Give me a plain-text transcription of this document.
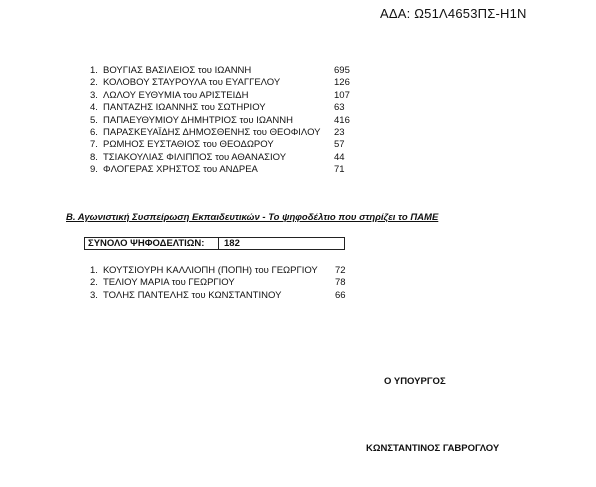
ΑΔΑ: Ω51Λ4653ΠΣ-Η1Ν
1. ΒΟΥΓΙΑΣ ΒΑΣΙΛΕΙΟΣ του ΙΩΑΝΝΗ	695
2. ΚΟΛΟΒΟΥ ΣΤΑΥΡΟΥΛΑ του ΕΥΑΓΓΕΛΟΥ	126
3. ΛΩΛΟΥ ΕΥΘΥΜΙΑ του ΑΡΙΣΤΕΙΔΗ	107
4. ΠΑΝΤΑΖΗΣ ΙΩΑΝΝΗΣ του ΣΩΤΗΡΙΟΥ	63
5. ΠΑΠΑΕΥΘΥΜΙΟΥ ΔΗΜΗΤΡΙΟΣ του ΙΩΑΝΝΗ	416
6. ΠΑΡΑΣΚΕΥΑΪΔΗΣ ΔΗΜΟΣΘΕΝΗΣ του ΘΕΟΦΙΛΟΥ 23
7. ΡΩΜΗΟΣ ΕΥΣΤΑΘΙΟΣ του ΘΕΟΔΩΡΟΥ	57
8. ΤΣΙΑΚΟΥΛΙΑΣ ΦΙΛΙΠΠΟΣ του ΑΘΑΝΑΣΙΟΥ	44
9. ΦΛΟΓΕΡΑΣ ΧΡΗΣΤΟΣ του ΑΝΔΡΕΑ	71
Β. Αγωνιστική Συσπείρωση Εκπαιδευτικών - Το ψηφοδέλτιο που στηρίζει το ΠΑΜΕ
ΣΥΝΟΛΟ ΨΗΦΟΔΕΛΤΙΩΝ: 182
1. ΚΟΥΤΣΙΟΥΡΗ ΚΑΛΛΙΟΠΗ (ΠΟΠΗ) του ΓΕΩΡΓΙΟΥ 72
2. ΤΕΛΙΟΥ ΜΑΡΙΑ του ΓΕΩΡΓΙΟΥ	78
3. ΤΟΛΗΣ ΠΑΝΤΕΛΗΣ του ΚΩΝΣΤΑΝΤΙΝΟΥ	66
Ο ΥΠΟΥΡΓΟΣ
ΚΩΝΣΤΑΝΤΙΝΟΣ ΓΑΒΡΟΓΛΟΥ
